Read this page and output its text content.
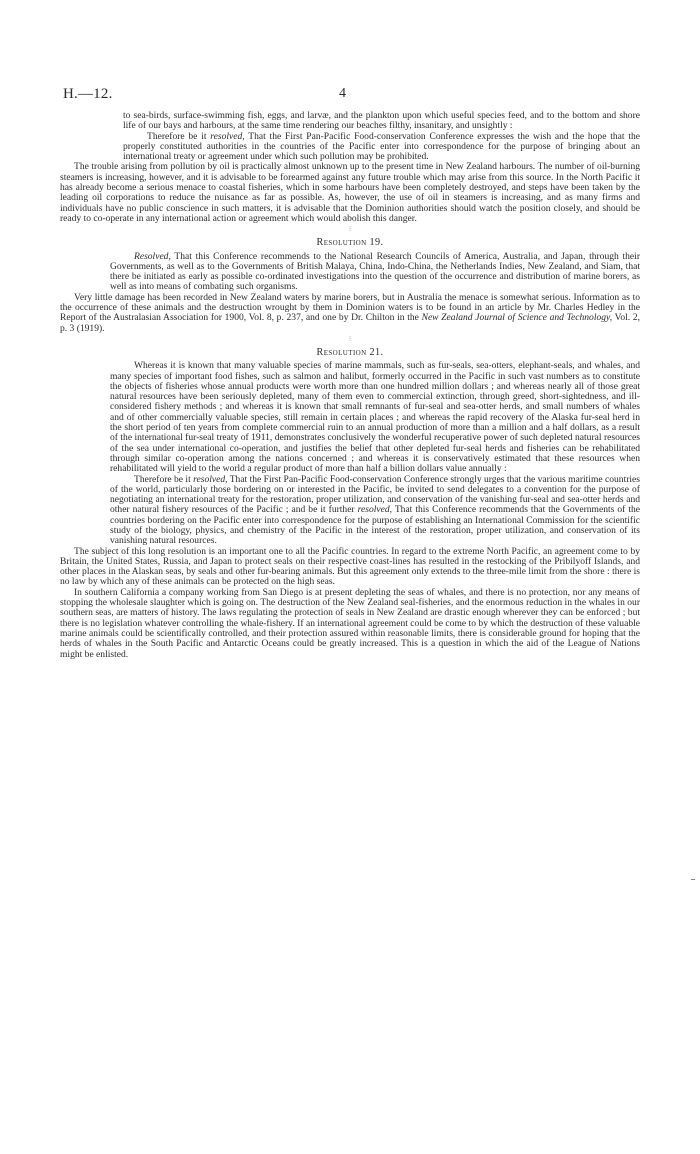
H.—12.	4

to sea-birds, surface-swimming fish, eggs, and larvæ, and the plankton upon which useful species feed, and to the bottom and shore life of our bays and harbours, at the same time rendering our beaches filthy, insanitary, and unsightly :

Therefore be it resolved, That the First Pan-Pacific Food-conservation Conference expresses the wish and the hope that the properly constituted authorities in the countries of the Pacific enter into correspondence for the purpose of bringing about an international treaty or agreement under which such pollution may be prohibited.

The trouble arising from pollution by oil is practically almost unknown up to the present time in New Zealand harbours. The number of oil-burning steamers is increasing, however, and it is advisable to be forearmed against any future trouble which may arise from this source. In the North Pacific it has already become a serious menace to coastal fisheries, which in some harbours have been completely destroyed, and steps have been taken by the leading oil corporations to reduce the nuisance as far as possible. As, however, the use of oil in steamers is increasing, and as many firms and individuals have no public conscience in such matters, it is advisable that the Dominion authorities should watch the position closely, and should be ready to co-operate in any international action or agreement which would abolish this danger.

⁝
Resolution 19.

Resolved, That this Conference recommends to the National Research Councils of America, Australia, and Japan, through their Governments, as well as to the Governments of British Malaya, China, Indo-China, the Netherlands Indies, New Zealand, and Siam, that there be initiated as early as possible co-ordinated investigations into the question of the occurrence and distribution of marine borers, as well as into means of combating such organisms.

Very little damage has been recorded in New Zealand waters by marine borers, but in Australia the menace is somewhat serious. Information as to the occurrence of these animals and the destruction wrought by them in Dominion waters is to be found in an article by Mr. Charles Hedley in the Report of the Australasian Association for 1900, Vol. 8, p. 237, and one by Dr. Chilton in the New Zealand Journal of Science and Technology, Vol. 2, p. 3 (1919).

⁝
Resolution 21.

Whereas it is known that many valuable species of marine mammals, such as fur-seals, sea-otters, elephant-seals, and whales, and many species of important food fishes, such as salmon and halibut, formerly occurred in the Pacific in such vast numbers as to constitute the objects of fisheries whose annual products were worth more than one hundred million dollars ; and whereas nearly all of those great natural resources have been seriously depleted, many of them even to commercial extinction, through greed, short-sightedness, and ill-considered fishery methods ; and whereas it is known that small remnants of fur-seal and sea-otter herds, and small numbers of whales and of other commercially valuable species, still remain in certain places ; and whereas the rapid recovery of the Alaska fur-seal herd in the short period of ten years from complete commercial ruin to an annual production of more than a million and a half dollars, as a result of the international fur-seal treaty of 1911, demonstrates conclusively the wonderful recuperative power of such depleted natural resources of the sea under international co-operation, and justifies the belief that other depleted fur-seal herds and fisheries can be rehabilitated through similar co-operation among the nations concerned ; and whereas it is conservatively estimated that these resources when rehabilitated will yield to the world a regular product of more than half a billion dollars value annually :

Therefore be it resolved, That the First Pan-Pacific Food-conservation Conference strongly urges that the various maritime countries of the world, particularly those bordering on or interested in the Pacific, be invited to send delegates to a convention for the purpose of negotiating an international treaty for the restoration, proper utilization, and conservation of the vanishing fur-seal and sea-otter herds and other natural fishery resources of the Pacific ; and be it further resolved, That this Conference recommends that the Governments of the countries bordering on the Pacific enter into correspondence for the purpose of establishing an International Commission for the scientific study of the biology, physics, and chemistry of the Pacific in the interest of the restoration, proper utilization, and conservation of its vanishing natural resources.

The subject of this long resolution is an important one to all the Pacific countries. In regard to the extreme North Pacific, an agreement come to by Britain, the United States, Russia, and Japan to protect seals on their respective coast-lines has resulted in the restocking of the Pribilyoff Islands, and other places in the Alaskan seas, by seals and other fur-bearing animals. But this agreement only extends to the three-mile limit from the shore : there is no law by which any of these animals can be protected on the high seas.

In southern California a company working from San Diego is at present depleting the seas of whales, and there is no protection, nor any means of stopping the wholesale slaughter which is going on. The destruction of the New Zealand seal-fisheries, and the enormous reduction in the whales in our southern seas, are matters of history. The laws regulating the protection of seals in New Zealand are drastic enough wherever they can be enforced ; but there is no legislation whatever controlling the whale-fishery. If an international agreement could be come to by which the destruction of these valuable marine animals could be scientifically controlled, and their protection assured within reasonable limits, there is considerable ground for hoping that the herds of whales in the South Pacific and Antarctic Oceans could be greatly increased. This is a question in which the aid of the League of Nations might be enlisted.
